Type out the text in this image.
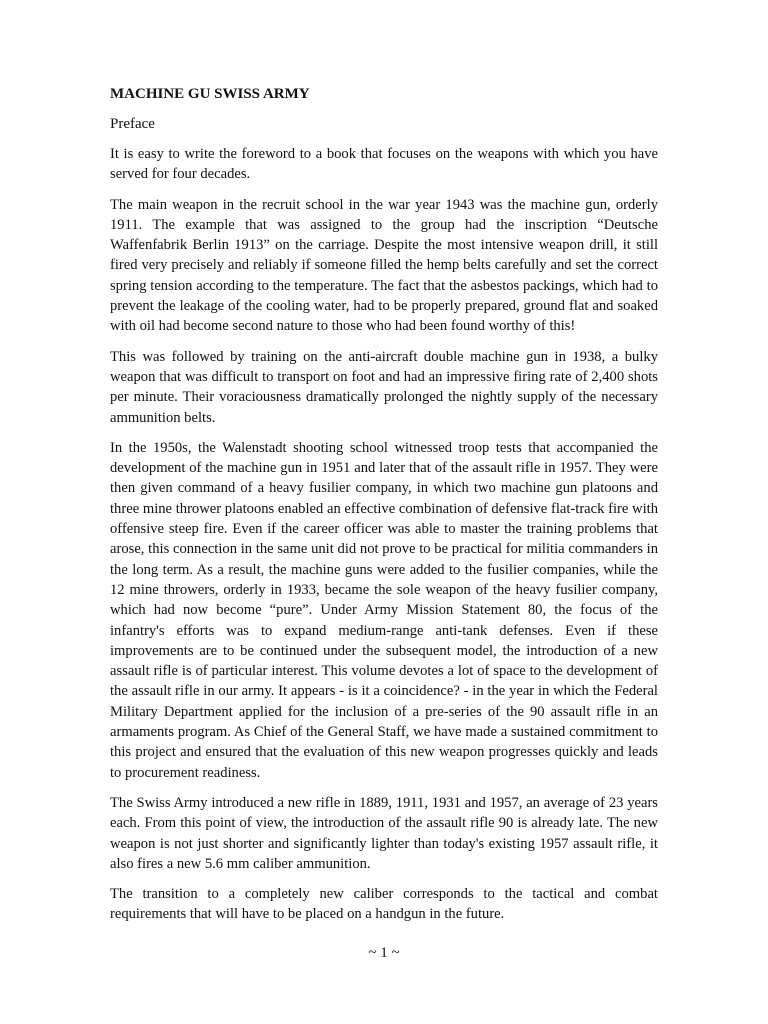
MACHINE GU SWISS ARMY
Preface

It is easy to write the foreword to a book that focuses on the weapons with which you have served for four decades.

The main weapon in the recruit school in the war year 1943 was the machine gun, orderly 1911. The example that was assigned to the group had the inscription “Deutsche Waffenfabrik Berlin 1913” on the carriage. Despite the most intensive weapon drill, it still fired very precisely and reliably if someone filled the hemp belts carefully and set the correct spring tension according to the temperature. The fact that the asbestos packings, which had to prevent the leakage of the cooling water, had to be properly prepared, ground flat and soaked with oil had become second nature to those who had been found worthy of this!

This was followed by training on the anti-aircraft double machine gun in 1938, a bulky weapon that was difficult to transport on foot and had an impressive firing rate of 2,400 shots per minute. Their voraciousness dramatically prolonged the nightly supply of the necessary ammunition belts.

In the 1950s, the Walenstadt shooting school witnessed troop tests that accompanied the development of the machine gun in 1951 and later that of the assault rifle in 1957. They were then given command of a heavy fusilier company, in which two machine gun platoons and three mine thrower platoons enabled an effective combination of defensive flat-track fire with offensive steep fire. Even if the career officer was able to master the training problems that arose, this connection in the same unit did not prove to be practical for militia commanders in the long term. As a result, the machine guns were added to the fusilier companies, while the 12 mine throwers, orderly in 1933, became the sole weapon of the heavy fusilier company, which had now become “pure”. Under Army Mission Statement 80, the focus of the infantry's efforts was to expand medium-range anti-tank defenses. Even if these improvements are to be continued under the subsequent model, the introduction of a new assault rifle is of particular interest. This volume devotes a lot of space to the development of the assault rifle in our army. It appears - is it a coincidence? - in the year in which the Federal Military Department applied for the inclusion of a pre-series of the 90 assault rifle in an armaments program. As Chief of the General Staff, we have made a sustained commitment to this project and ensured that the evaluation of this new weapon progresses quickly and leads to procurement readiness.

The Swiss Army introduced a new rifle in 1889, 1911, 1931 and 1957, an average of 23 years each. From this point of view, the introduction of the assault rifle 90 is already late. The new weapon is not just shorter and significantly lighter than today's existing 1957 assault rifle, it also fires a new 5.6 mm caliber ammunition.

The transition to a completely new caliber corresponds to the tactical and combat requirements that will have to be placed on a handgun in the future.

~ 1 ~
